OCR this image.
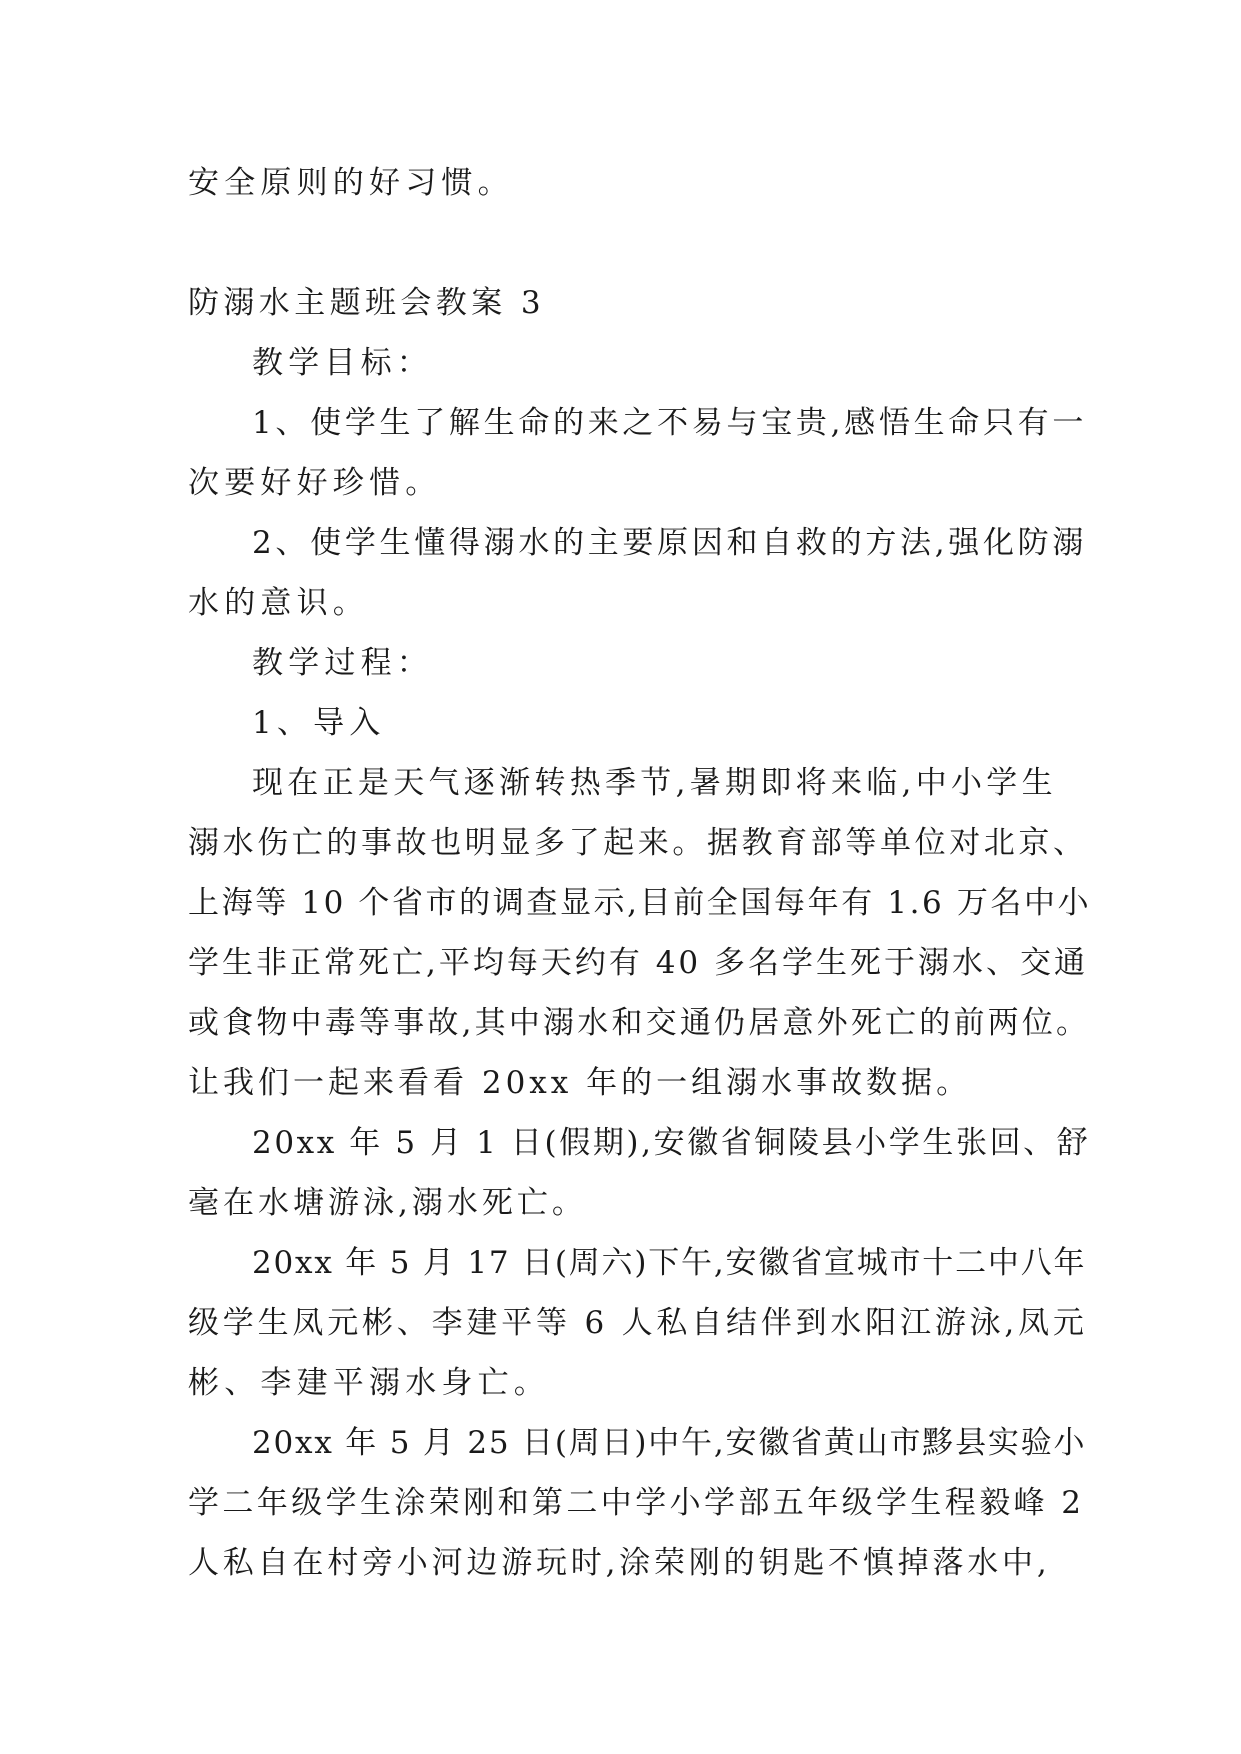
安全原则的好习惯。
防溺水主题班会教案 3
教学目标：
1、使学生了解生命的来之不易与宝贵,感悟生命只有一
次要好好珍惜。
2、使学生懂得溺水的主要原因和自救的方法,强化防溺
水的意识。
教学过程：
1、导入
现在正是天气逐渐转热季节,暑期即将来临,中小学生
溺水伤亡的事故也明显多了起来。据教育部等单位对北京、
上海等 10 个省市的调查显示,目前全国每年有 1.6 万名中小
学生非正常死亡,平均每天约有 40 多名学生死于溺水、交通
或食物中毒等事故,其中溺水和交通仍居意外死亡的前两位。
让我们一起来看看 20xx 年的一组溺水事故数据。
20xx 年 5 月 1 日(假期),安徽省铜陵县小学生张回、舒
毫在水塘游泳,溺水死亡。
20xx 年 5 月 17 日(周六)下午,安徽省宣城市十二中八年
级学生凤元彬、李建平等 6 人私自结伴到水阳江游泳,凤元
彬、李建平溺水身亡。
20xx 年 5 月 25 日(周日)中午,安徽省黄山市黟县实验小
学二年级学生涂荣刚和第二中学小学部五年级学生程毅峰 2
人私自在村旁小河边游玩时,涂荣刚的钥匙不慎掉落水中,
